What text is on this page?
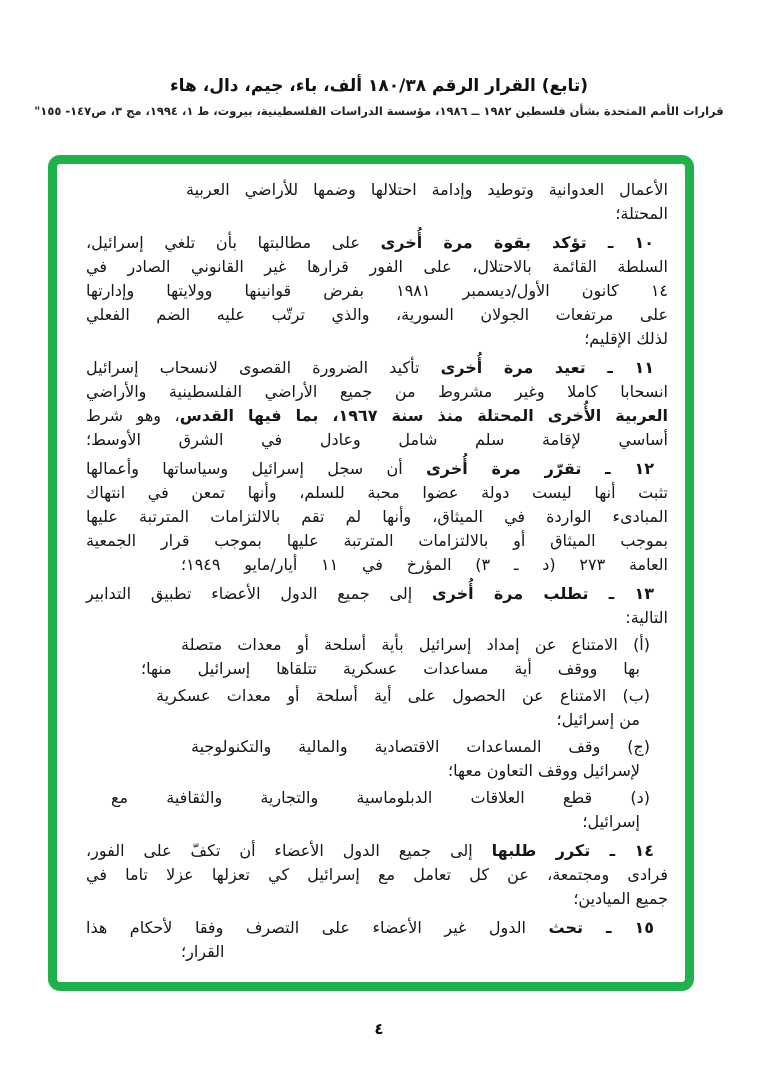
(تابع) القرار الرقم ١٨٠/٣٨ ألف، باء، جيم، دال، هاء
قرارات الأمم المتحدة بشأن فلسطين ١٩٨٢ ــ ١٩٨٦، مؤسسة الدراسات الفلسطينية، بيروت، ط ١، ١٩٩٤، مج ٣، ص١٤٧- ١٥٥"
الأعمال العدوانية وتوطيد وإدامة احتلالها وضمها للأراضي العربية
المحتلة؛
١٠ ـ تؤكد بقوة مرة أُخرى على مطالبتها بأن تلغي إسرائيل،
السلطة القائمة بالاحتلال، على الفور قرارها غير القانوني الصادر في
١٤ كانون الأول/ديسمبر ١٩٨١ بفرض قوانينها وولايتها وإدارتها
على مرتفعات الجولان السورية، والذي ترتّب عليه الضم الفعلي
لذلك الإقليم؛
١١ ـ تعيد مرة أُخرى تأكيد الضرورة القصوى لانسحاب إسرائيل
انسحابا كاملا وغير مشروط من جميع الأراضي الفلسطينية والأراضي
العربية الأُخرى المحتلة منذ سنة ١٩٦٧، بما فيها القدس، وهو شرط
أساسي لإقامة سلم شامل وعادل في الشرق الأوسط؛
١٢ ـ تقرّر مرة أُخرى أن سجل إسرائيل وسياساتها وأعمالها
تثبت أنها ليست دولة عضوا محبة للسلم، وأنها تمعن في انتهاك
المبادىء الواردة في الميثاق، وأنها لم تقم بالالتزامات المترتبة عليها
بموجب الميثاق أو بالالتزامات المترتبة عليها بموجب قرار الجمعية
العامة ٢٧٣ (د ـ ٣) المؤرخ في ١١ أيار/مايو ١٩٤٩؛
١٣ ـ تطلب مرة أُخرى إلى جميع الدول الأعضاء تطبيق التدابير
التالية:
(أ) الامتناع عن إمداد إسرائيل بأية أسلحة أو معدات متصلة
بها ووقف أية مساعدات عسكرية تتلقاها إسرائيل منها؛
(ب) الامتناع عن الحصول على أية أسلحة أو معدات عسكرية
من إسرائيل؛
(ج) وقف المساعدات الاقتصادية والمالية والتكنولوجية
لإسرائيل ووقف التعاون معها؛
(د) قطع العلاقات الدبلوماسية والتجارية والثقافية مع
إسرائيل؛
١٤ ـ تكرر طلبها إلى جميع الدول الأعضاء أن تكفّ على الفور،
فرادى ومجتمعة، عن كل تعامل مع إسرائيل كي تعزلها عزلا تاما في
جميع الميادين؛
١٥ ـ تحث الدول غير الأعضاء على التصرف وفقا لأحكام هذا
القرار؛
٤
